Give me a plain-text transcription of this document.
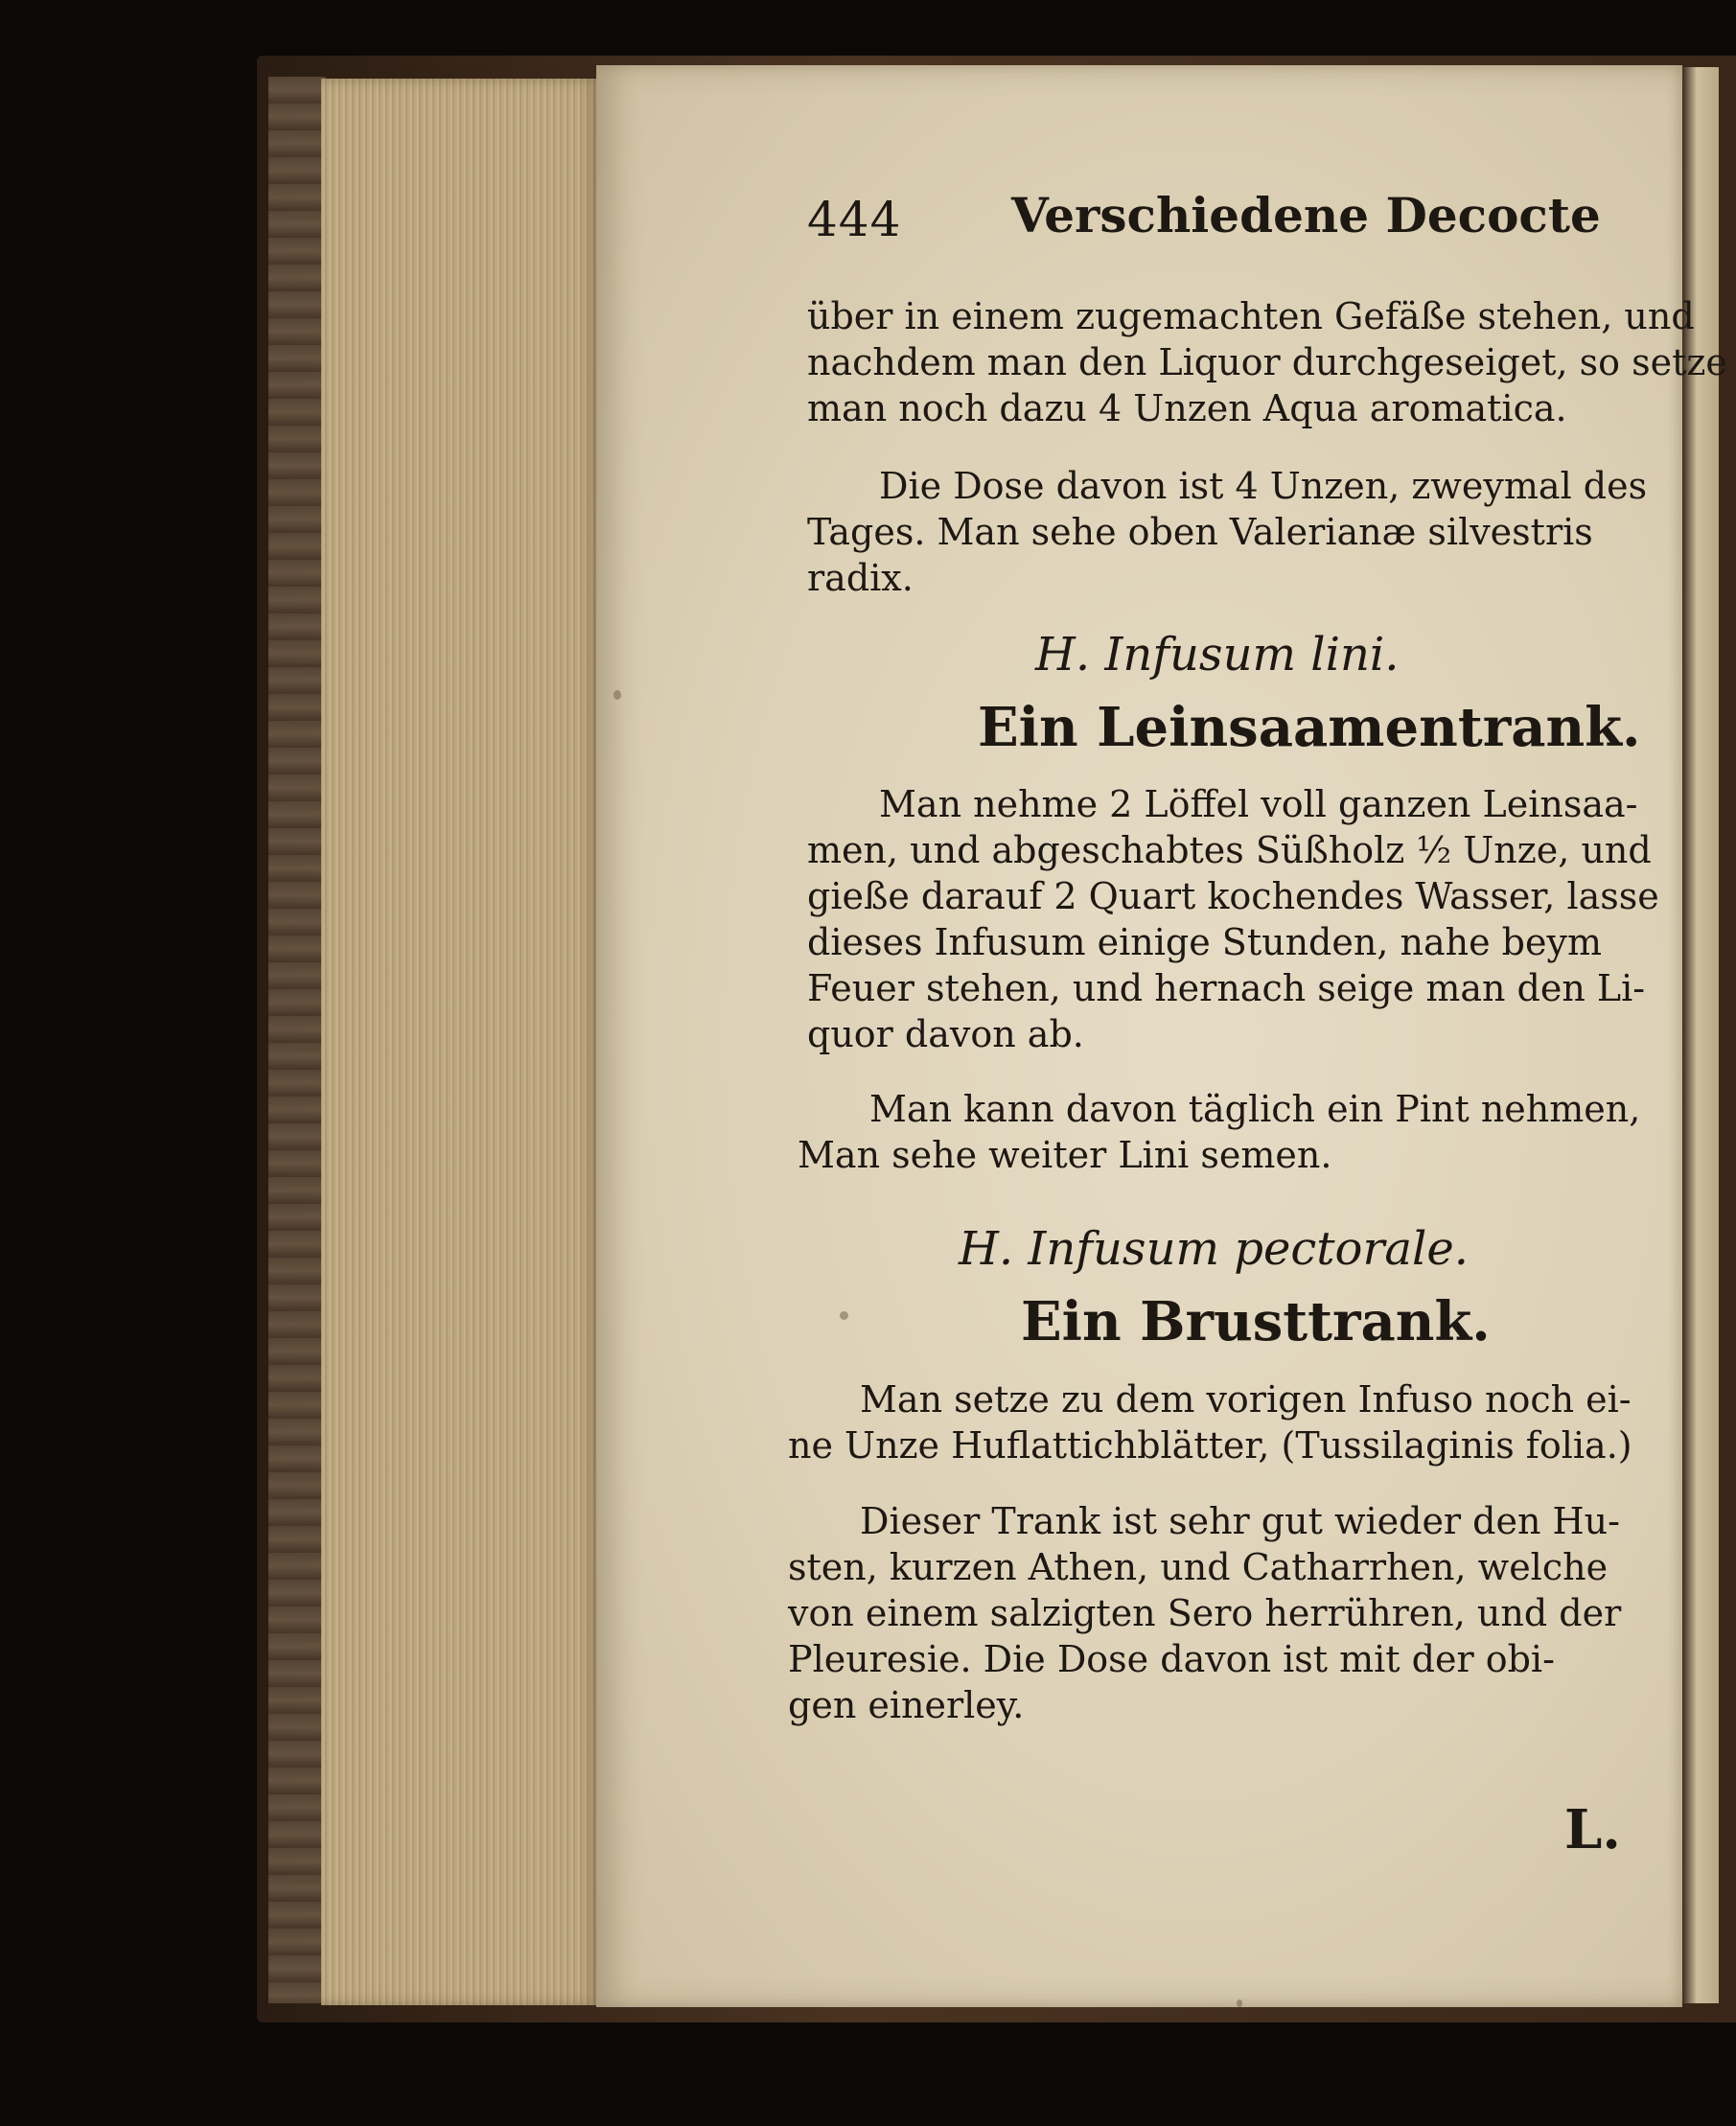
444 Verschiedene Decocte
über in einem zugemachten Gefäße stehen, und
nachdem man den Liquor durchgeseiget, so setze
man noch dazu 4 Unzen Aqua aromatica.
Die Dose davon ist 4 Unzen, zweymal des
Tages. Man sehe oben Valerianæ silvestris
radix.
H. Infusum lini.
Ein Leinsaamentrank.
Man nehme 2 Löffel voll ganzen Leinsaa-
men, und abgeschabtes Süßholz ½ Unze, und
gieße darauf 2 Quart kochendes Wasser, lasse
dieses Infusum einige Stunden, nahe beym
Feuer stehen, und hernach seige man den Li-
quor davon ab.
Man kann davon täglich ein Pint nehmen,
Man sehe weiter Lini semen.
H. Infusum pectorale.
Ein Brusttrank.
Man setze zu dem vorigen Infuso noch ei-
ne Unze Huflattichblätter, (Tussilaginis folia.)
Dieser Trank ist sehr gut wieder den Hu-
sten, kurzen Athen, und Catharrhen, welche
von einem salzigten Sero herrühren, und der
Pleuresie. Die Dose davon ist mit der obi-
gen einerley.
L.
